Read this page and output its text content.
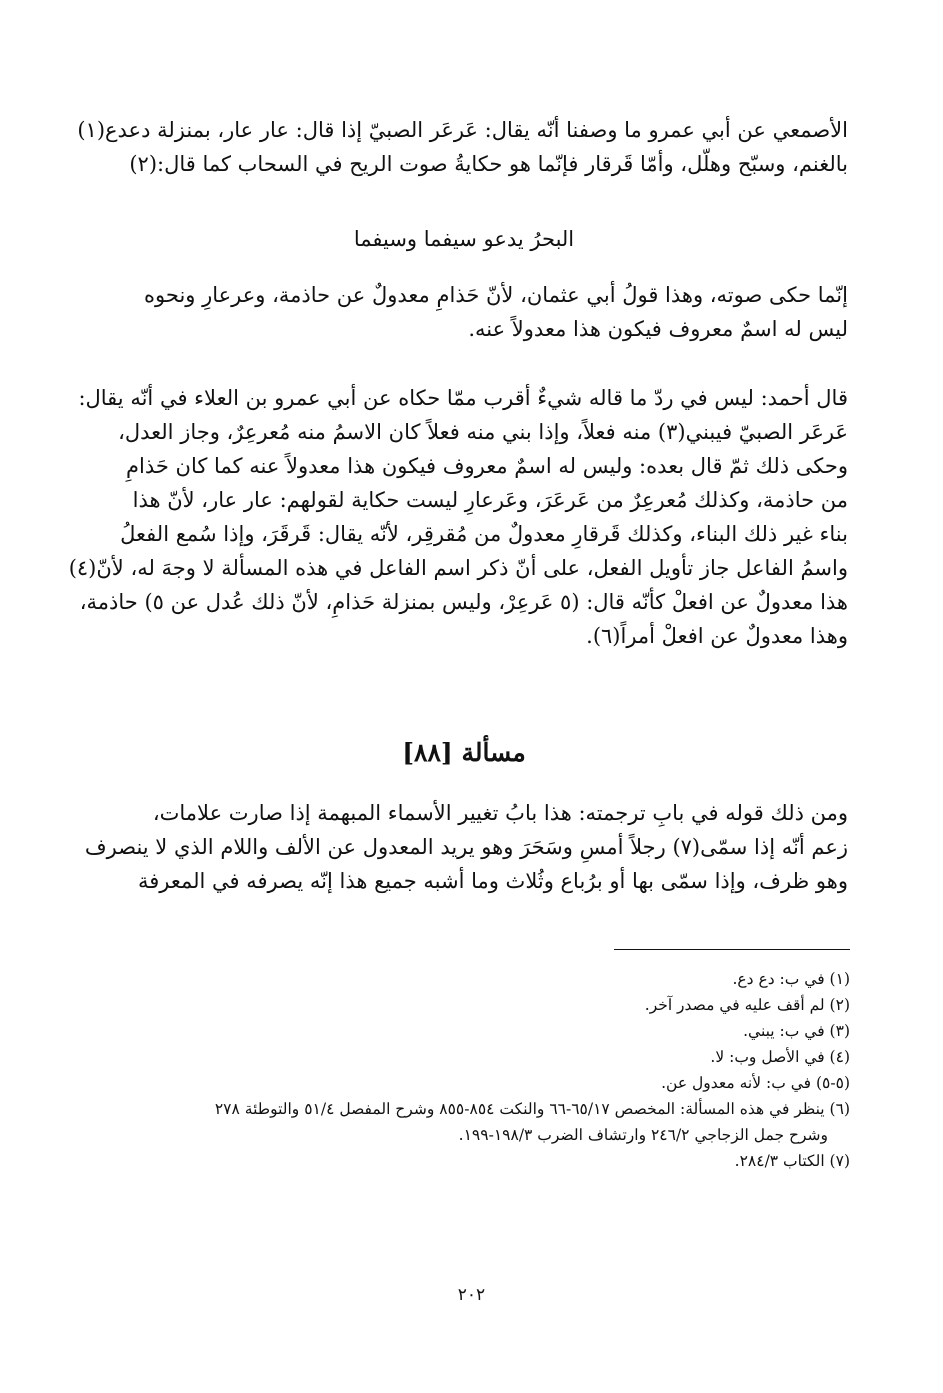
الأصمعي عن أبي عمرو ما وصفنا أنّه يقال: عَرعَر الصبيّ إذا قال: عار عار، بمنزلة دعدع(١)
بالغنم، وسبّح وهلّل، وأمّا قَرقار فإنّما هو حكايةُ صوت الريح في السحاب كما قال:(٢)
البحرُ يدعو سيفما وسيفما
إنّما حكى صوته، وهذا قولُ أبي عثمان، لأنّ حَذامِ معدولٌ عن حاذمة، وعرعارِ ونحوه
ليس له اسمٌ معروف فيكون هذا معدولاً عنه.
قال أحمد: ليس في ردّ ما قاله شيءٌ أقرب ممّا حكاه عن أبي عمرو بن العلاء في أنّه يقال:
عَرعَر الصبيّ فيبني(٣) منه فعلاً، وإذا بني منه فعلاً كان الاسمُ منه مُعرعِرٌ، وجاز العدل،
وحكى ذلك ثمّ قال بعده: وليس له اسمٌ معروف فيكون هذا معدولاً عنه كما كان حَذامِ
من حاذمة، وكذلك مُعرعِرٌ من عَرعَرَ، وعَرعارِ ليست حكاية لقولهم: عار عار، لأنّ هذا
بناء غير ذلك البناء، وكذلك قَرقارِ معدولٌ من مُقرقِر، لأنّه يقال: قَرقَرَ، وإذا سُمع الفعلُ
واسمُ الفاعل جاز تأويل الفعل، على أنّ ذكر اسم الفاعل في هذه المسألة لا وجهَ له، لأنّ(٤)
هذا معدولٌ عن افعلْ كأنّه قال: (٥ عَرعِرْ، وليس بمنزلة حَذامِ، لأنّ ذلك عُدل عن ٥) حاذمة،
وهذا معدولٌ عن افعلْ أمراً(٦).
مسألة [٨٨]
ومن ذلك قوله في بابِ ترجمته: هذا بابُ تغيير الأسماء المبهمة إذا صارت علامات،
زعم أنّه إذا سمّى(٧) رجلاً أمسِ وسَحَرَ وهو يريد المعدول عن الألف واللام الذي لا ينصرف
وهو ظرف، وإذا سمّى بها أو برُباع وثُلاث وما أشبه جميع هذا إنّه يصرفه في المعرفة
(١) في ب: دع دع.
(٢) لم أقف عليه في مصدر آخر.
(٣) في ب: يبني.
(٤) في الأصل وب: لا.
(٥-٥) في ب: لأنه معدول عن.
(٦) ينظر في هذه المسألة: المخصص ٦٥/١٧-٦٦ والنكت ٨٥٤-٨٥٥ وشرح المفصل ٥١/٤ والتوطئة ٢٧٨
وشرح جمل الزجاجي ٢٤٦/٢ وارتشاف الضرب ١٩٨/٣-١٩٩.
(٧) الكتاب ٢٨٤/٣.
٢٠٢
